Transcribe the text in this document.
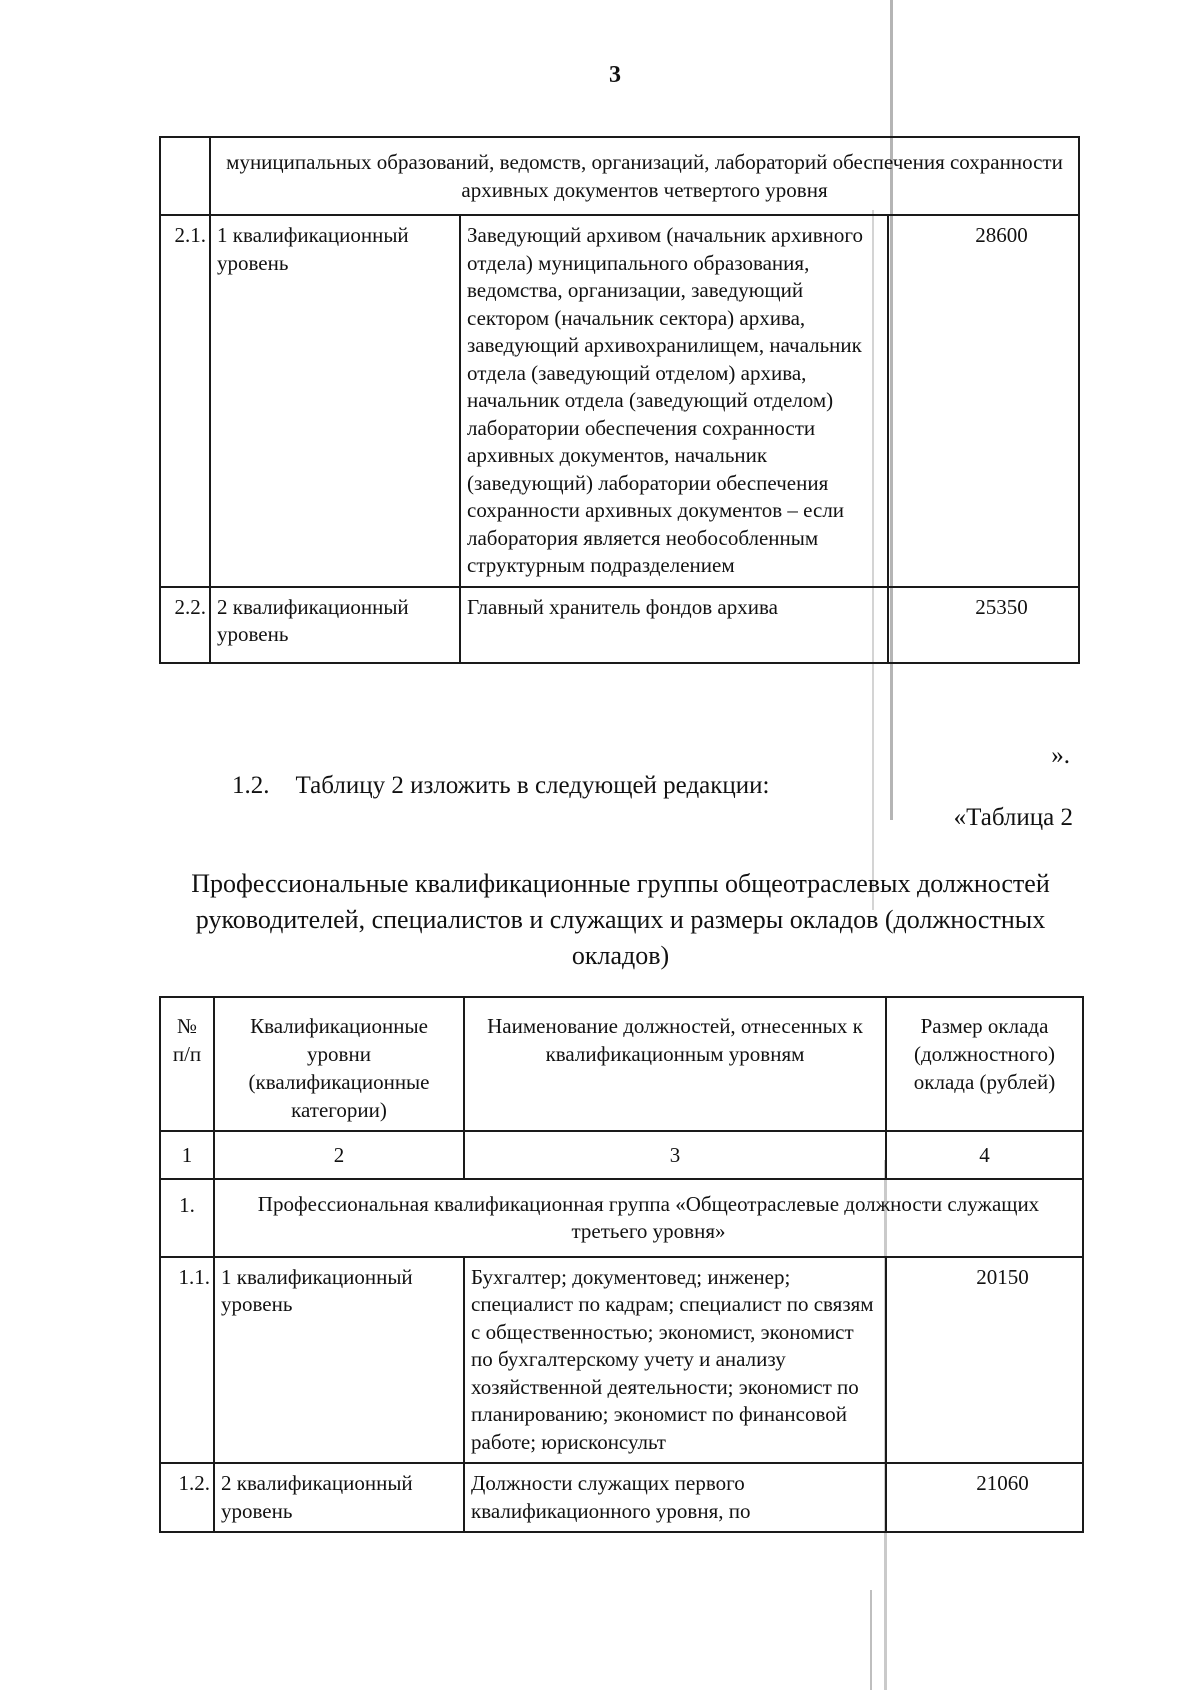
3
	муниципальных образований, ведомств, организаций, лабораторий обеспечения сохранности архивных документов четвертого уровня		
2.1.	1 квалификационный уровень	Заведующий архивом (начальник архивного отдела) муниципального образования, ведомства, организации, заведующий сектором (начальник сектора) архива, заведующий архивохранилищем, начальник отдела (заведующий отделом) архива, начальник отдела (заведующий отделом) лаборатории обеспечения сохранности архивных документов, начальник (заведующий) лаборатории обеспечения сохранности архивных документов – если лаборатория является необособленным структурным подразделением	28600
2.2.	2 квалификационный уровень	Главный хранитель фондов архива	25350
».
1.2. Таблицу 2 изложить в следующей редакции:
«Таблица 2
Профессиональные квалификационные группы общеотраслевых должностей руководителей, специалистов и служащих и размеры окладов (должностных окладов)
№ п/п	Квалификационные уровни (квалификационные категории)	Наименование должностей, отнесенных к квалификационным уровням	Размер оклада (должностного) оклада (рублей)
1	2	3	4
1.	Профессиональная квалификационная группа «Общеотраслевые должности служащих третьего уровня»		
1.1.	1 квалификационный уровень	Бухгалтер; документовед; инженер; специалист по кадрам; специалист по связям с общественностью; экономист, экономист по бухгалтерскому учету и анализу хозяйственной деятельности; экономист по планированию; экономист по финансовой работе; юрисконсульт	20150
1.2.	2 квалификационный уровень	Должности служащих первого квалификационного уровня, по	21060
